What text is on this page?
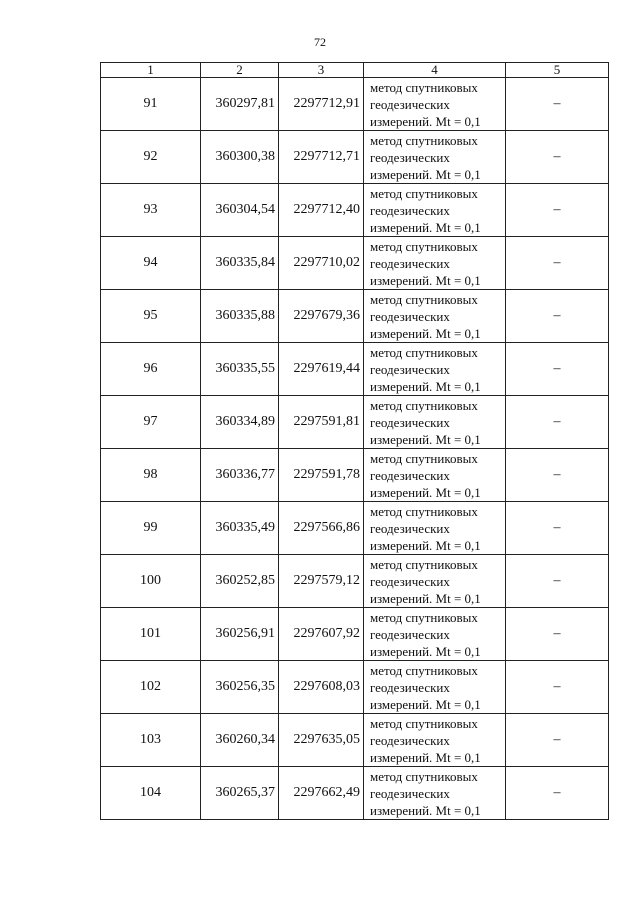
72
1	2	3	4	5
91	360297,81	2297712,91	метод спутниковых
геодезических
измерений. Mt = 0,1	–
92	360300,38	2297712,71	метод спутниковых
геодезических
измерений. Mt = 0,1	–
93	360304,54	2297712,40	метод спутниковых
геодезических
измерений. Mt = 0,1	–
94	360335,84	2297710,02	метод спутниковых
геодезических
измерений. Mt = 0,1	–
95	360335,88	2297679,36	метод спутниковых
геодезических
измерений. Mt = 0,1	–
96	360335,55	2297619,44	метод спутниковых
геодезических
измерений. Mt = 0,1	–
97	360334,89	2297591,81	метод спутниковых
геодезических
измерений. Mt = 0,1	–
98	360336,77	2297591,78	метод спутниковых
геодезических
измерений. Mt = 0,1	–
99	360335,49	2297566,86	метод спутниковых
геодезических
измерений. Mt = 0,1	–
100	360252,85	2297579,12	метод спутниковых
геодезических
измерений. Mt = 0,1	–
101	360256,91	2297607,92	метод спутниковых
геодезических
измерений. Mt = 0,1	–
102	360256,35	2297608,03	метод спутниковых
геодезических
измерений. Mt = 0,1	–
103	360260,34	2297635,05	метод спутниковых
геодезических
измерений. Mt = 0,1	–
104	360265,37	2297662,49	метод спутниковых
геодезических
измерений. Mt = 0,1	–
